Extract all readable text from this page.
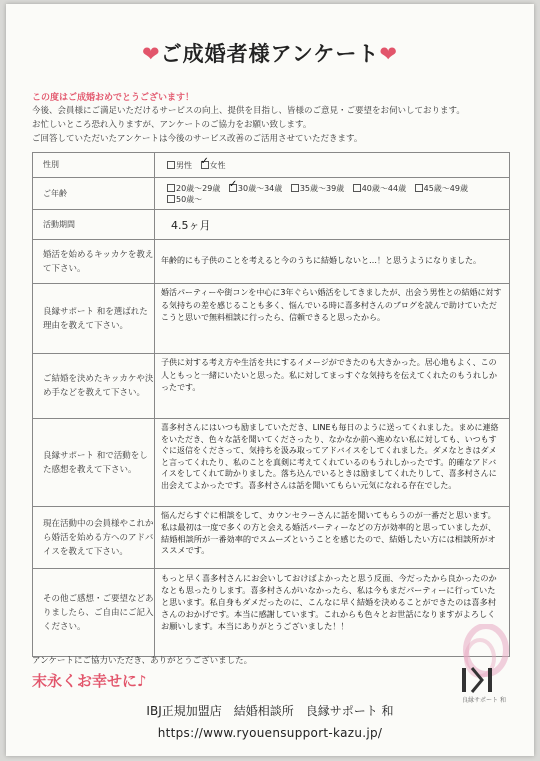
❤ご成婚者様アンケート❤
この度はご成婚おめでとうございます！
今後、会員様にご満足いただけるサービスの向上、提供を目指し、皆様のご意見・ご要望をお伺いしております。
お忙しいところ恐れ入りますが、アンケートのご協力をお願い致します。
ご回答していただいたアンケートは今後のサービス改善のご活用させていただきます。
性別	男性 ✓ 女性
ご年齢	20歳～29歳 ✓ 30歳～34歳 35歳～39歳 40歳～44歳 45歳～49歳 50歳～
活動期間	4.5ヶ月
婚活を始めるキッカケを教えて下さい。	年齢的にも子供のことを考えると今のうちに結婚しないと…！と思うようになりました。
良縁サポート 和を選ばれた理由を教えて下さい。	婚活パーティーや街コンを中心に3年ぐらい婚活をしてきましたが、出会う男性との結婚に対する気持ちの差を感じることも多く、悩んでいる時に喜多村さんのブログを読んで助けていただこうと思いで無料相談に行ったら、信頼できると思ったから。
ご結婚を決めたキッカケや決め手などを教えて下さい。	子供に対する考え方や生活を共にするイメージができたのも大きかった。居心地もよく、この人ともっと一緒にいたいと思った。私に対してまっすぐな気持ちを伝えてくれたのもうれしかったです。
良縁サポート 和で活動をした感想を教えて下さい。	喜多村さんにはいつも励ましていただき、LINEも毎日のように送ってくれました。まめに連絡をいただき、色々な話を聞いてくださったり、なかなか前へ進めない私に対しても、いつもすぐに返信をくださって、気持ちを汲み取ってアドバイスをしてくれました。ダメなときはダメと言ってくれたり、私のことを真剣に考えてくれているのもうれしかったです。的確なアドバイスをしてくれて助かりました。落ち込んでいるときは励ましてくれたりして、喜多村さんに出会えてよかったです。喜多村さんは話を聞いてもらい元気になれる存在でした。
現在活動中の会員様やこれから婚活を始める方へのアドバイスを教えて下さい。	悩んだらすぐに相談をして、カウンセラーさんに話を聞いてもらうのが一番だと思います。私は最初は一度で多くの方と会える婚活パーティーなどの方が効率的と思っていましたが、結婚相談所が一番効率的でスムーズということを感じたので、結婚したい方には相談所がオススメです。
その他ご感想・ご要望などありましたら、ご自由にご記入ください。	もっと早く喜多村さんにお会いしておけばよかったと思う反面、今だったから良かったのかなとも思ったりします。喜多村さんがいなかったら、私は今もまだパーティーに行っていたと思います。私自身もダメだったのに、こんなに早く結婚を決めることができたのは喜多村さんのおかげです。本当に感謝しています。これからも色々とお世話になりますがよろしくお願いします。本当にありがとうございました！！
アンケートにご協力いただき、ありがとうございました。
末永くお幸せに♪
IBJ正規加盟店　結婚相談所　良縁サポート 和
https://www.ryouensupport-kazu.jp/
良縁サポート 和
